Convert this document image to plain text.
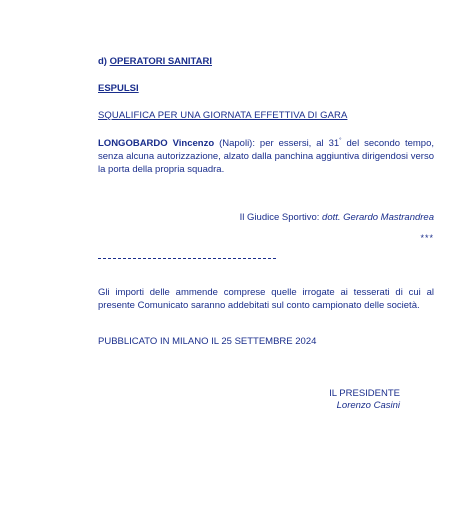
d) OPERATORI SANITARI
ESPULSI
SQUALIFICA PER UNA GIORNATA EFFETTIVA DI GARA
LONGOBARDO Vincenzo (Napoli): per essersi, al 31° del secondo tempo, senza alcuna autorizzazione, alzato dalla panchina aggiuntiva dirigendosi verso la porta della propria squadra.
Il Giudice Sportivo: dott. Gerardo Mastrandrea
***
Gli importi delle ammende comprese quelle irrogate ai tesserati di cui al presente Comunicato saranno addebitati sul conto campionato delle società.
PUBBLICATO IN MILANO IL 25 SETTEMBRE 2024
IL PRESIDENTE
Lorenzo Casini
